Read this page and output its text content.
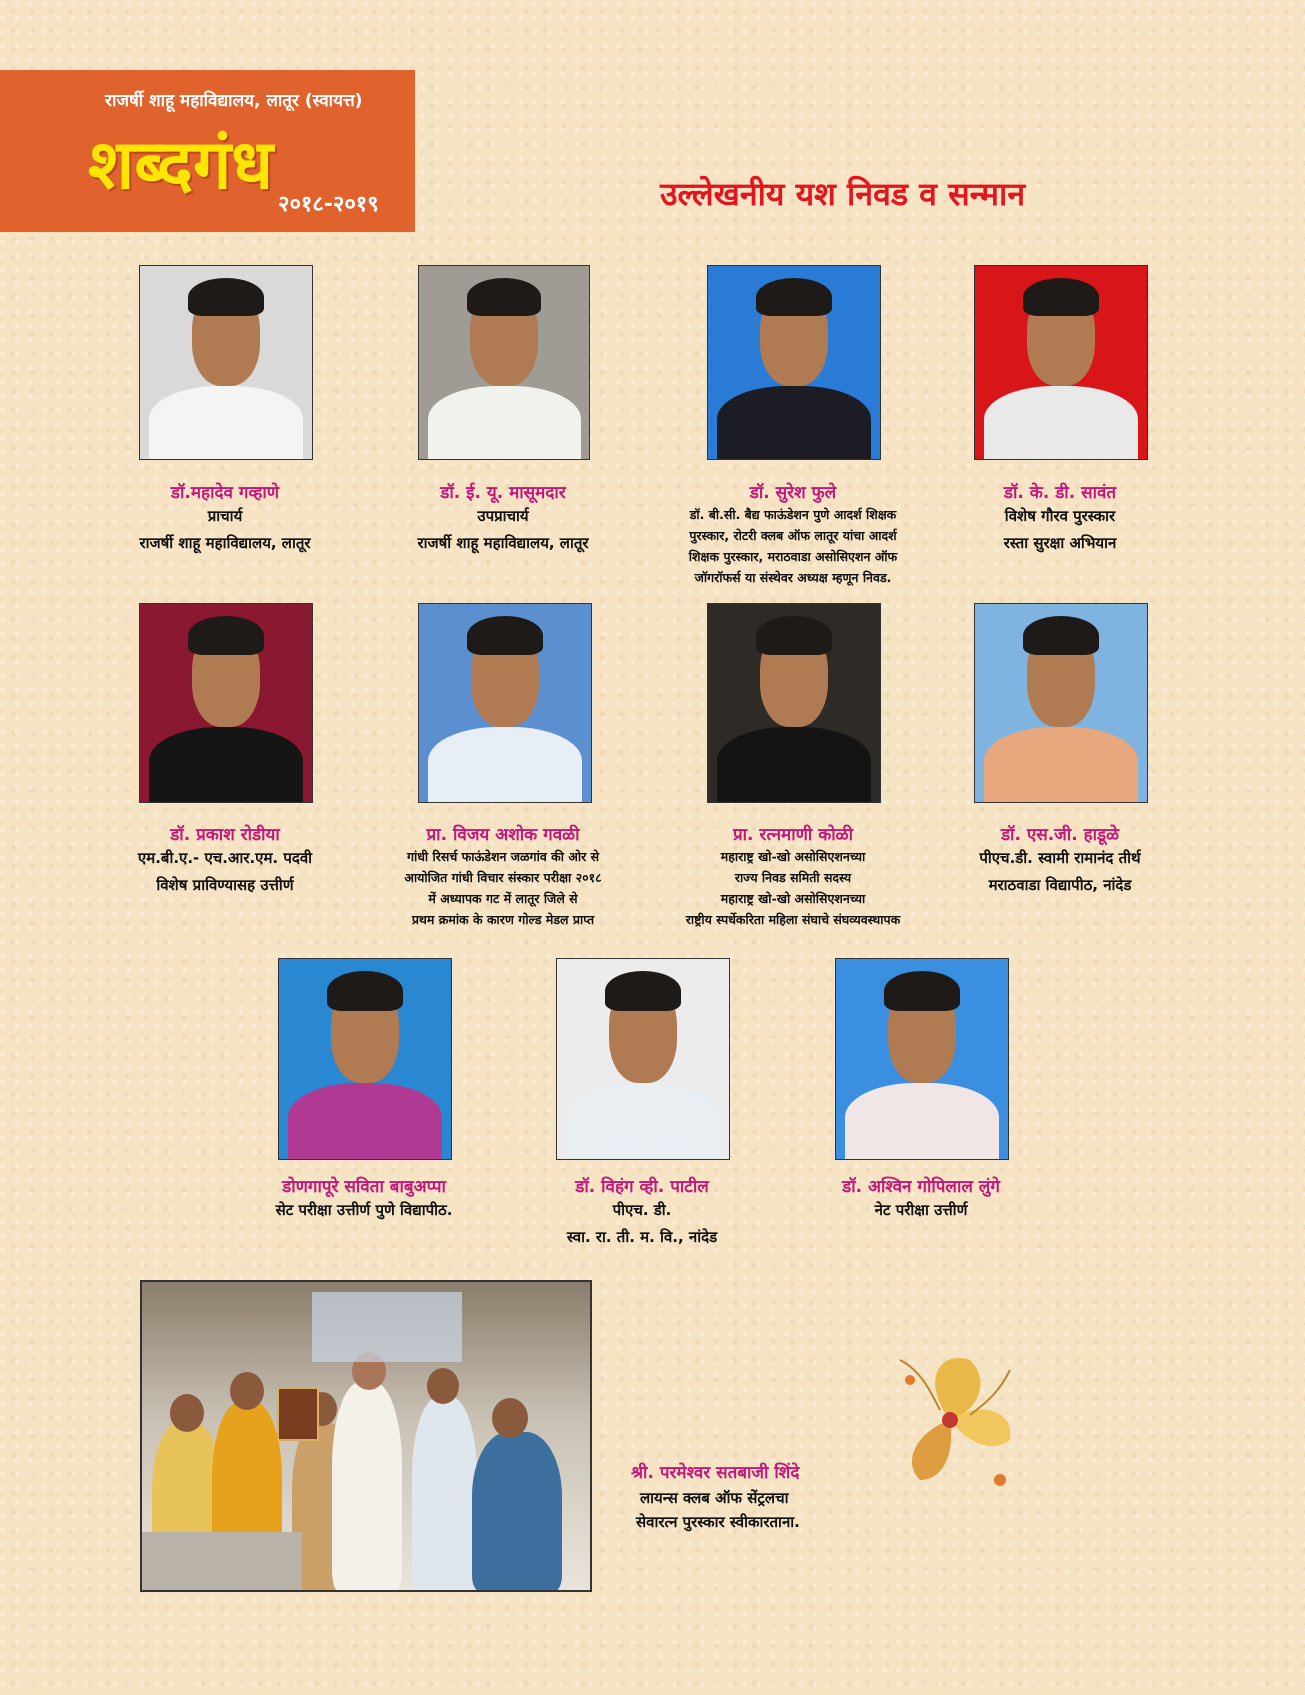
राजर्षी शाहू महाविद्यालय, लातूर (स्वायत्त)
शब्दगंध २०१८-२०१९	उल्लेखनीय यश निवड व सन्मान
डॉ.महादेव गव्हाणे
प्राचार्य
राजर्षी शाहू महाविद्यालय, लातूर
डॉ. ई. यू. मासूमदार
उपप्राचार्य
राजर्षी शाहू महाविद्यालय, लातूर
डॉ. सुरेश फुले
डॉ. बी.सी. बैद्य फाऊंडेशन पुणे आदर्श शिक्षक
पुरस्कार, रोटरी क्लब ऑफ लातूर यांचा आदर्श
शिक्षक पुरस्कार, मराठवाडा असोसिएशन ऑफ
जॉगरॉफर्स या संस्थेवर अध्यक्ष म्हणून निवड.
डॉ. के. डी. सावंत
विशेष गौरव पुरस्कार
रस्ता सुरक्षा अभियान
डॉ. प्रकाश रोडीया
एम.बी.ए.- एच.आर.एम. पदवी
विशेष प्राविण्यासह उत्तीर्ण
प्रा. विजय अशोक गवळी
गांधी रिसर्च फाऊंडेशन जळगांव की ओर से
आयोजित गांधी विचार संस्कार परीक्षा २०१८
में अध्यापक गट में लातूर जिले से
प्रथम क्रमांक के कारण गोल्ड मेडल प्राप्त
प्रा. रत्नमाणी कोळी
महाराष्ट्र खो-खो असोसिएशनच्या
राज्य निवड समिती सदस्य
महाराष्ट्र खो-खो असोसिएशनच्या
राष्ट्रीय स्पर्धेकरिता महिला संघाचे संघव्यवस्थापक
डॉ. एस.जी. हाडूळे
पीएच.डी. स्वामी रामानंद तीर्थ
मराठवाडा विद्यापीठ, नांदेड
डोणगापूरे सविता बाबुअप्पा
सेट परीक्षा उत्तीर्ण पुणे विद्यापीठ.
डॉ. विहंग व्ही. पाटील
पीएच. डी.
स्वा. रा. ती. म. वि., नांदेड
डॉ. अश्विन गोपिलाल लुंगे
नेट परीक्षा उत्तीर्ण
श्री. परमेश्वर सतबाजी शिंदे
लायन्स क्लब ऑफ सेंट्रलचा
सेवारत्न पुरस्कार स्वीकारताना.
